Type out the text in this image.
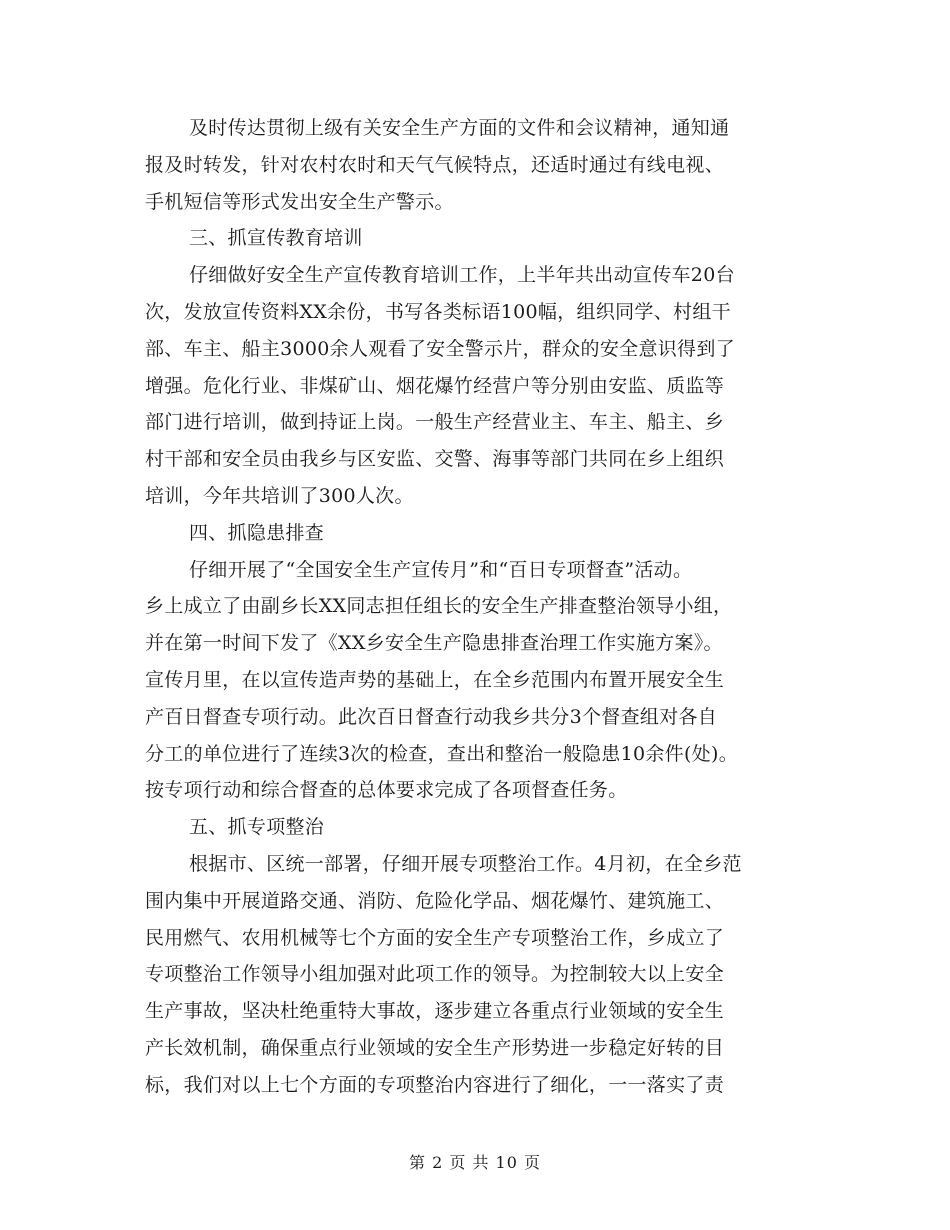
及时传达贯彻上级有关安全生产方面的文件和会议精神，通知通
报及时转发，针对农村农时和天气气候特点，还适时通过有线电视、
手机短信等形式发出安全生产警示。
三、抓宣传教育培训
仔细做好安全生产宣传教育培训工作，上半年共出动宣传车20台
次，发放宣传资料XX余份，书写各类标语100幅，组织同学、村组干
部、车主、船主3000余人观看了安全警示片，群众的安全意识得到了
增强。危化行业、非煤矿山、烟花爆竹经营户等分别由安监、质监等
部门进行培训，做到持证上岗。一般生产经营业主、车主、船主、乡
村干部和安全员由我乡与区安监、交警、海事等部门共同在乡上组织
培训，今年共培训了300人次。
四、抓隐患排查
仔细开展了“全国安全生产宣传月”和“百日专项督查”活动。
乡上成立了由副乡长XX同志担任组长的安全生产排查整治领导小组，
并在第一时间下发了《XX乡安全生产隐患排查治理工作实施方案》。
宣传月里，在以宣传造声势的基础上，在全乡范围内布置开展安全生
产百日督查专项行动。此次百日督查行动我乡共分3个督查组对各自
分工的单位进行了连续3次的检查，查出和整治一般隐患10余件(处)。
按专项行动和综合督查的总体要求完成了各项督查任务。
五、抓专项整治
根据市、区统一部署，仔细开展专项整治工作。4月初，在全乡范
围内集中开展道路交通、消防、危险化学品、烟花爆竹、建筑施工、
民用燃气、农用机械等七个方面的安全生产专项整治工作，乡成立了
专项整治工作领导小组加强对此项工作的领导。为控制较大以上安全
生产事故，坚决杜绝重特大事故，逐步建立各重点行业领域的安全生
产长效机制，确保重点行业领域的安全生产形势进一步稳定好转的目
标，我们对以上七个方面的专项整治内容进行了细化，一一落实了责
第 2 页 共 10 页
